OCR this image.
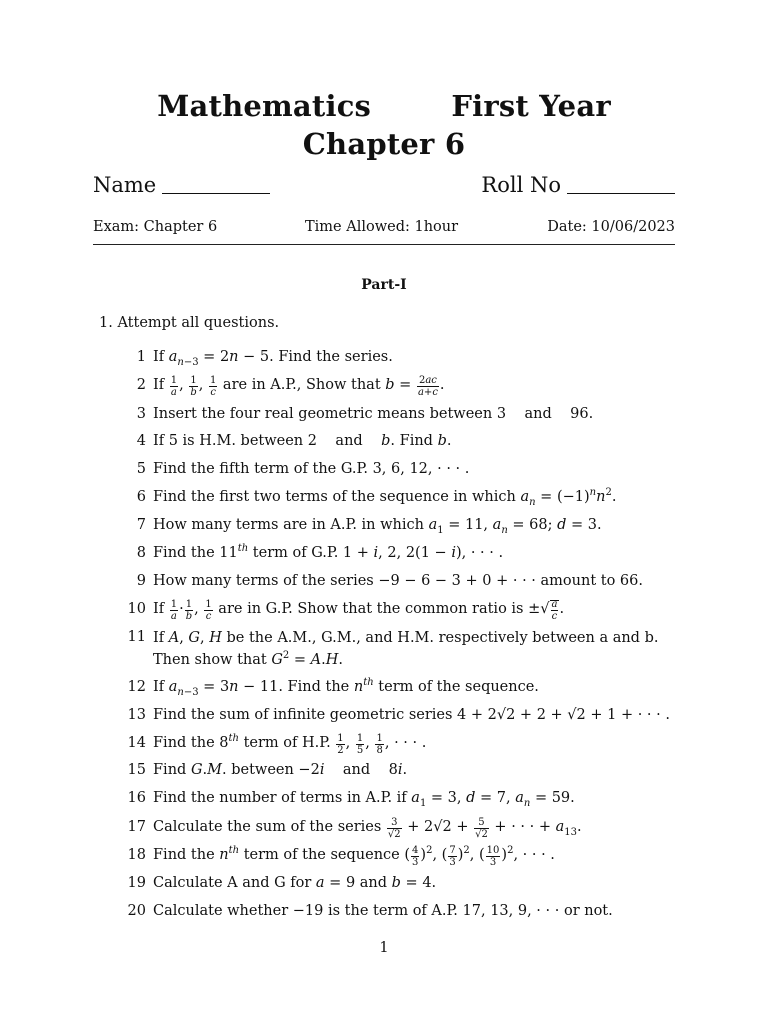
Mathematics	First Year
Chapter 6
Name	Roll No
Exam: Chapter 6	Time Allowed: 1hour	Date: 10/06/2023
Part-I
1. Attempt all questions.
1 If $a_{n-3} = 2n - 5$. Find the series.
2 If $\frac{1}{a}$ , $\frac{1}{b}$ , $\frac{1}{c}$ are in A.P., Show that $b = \frac{2ac}{a+c}$ .
3 Insert the four real geometric means between 3    and    96.
4 If 5 is H.M. between 2    and    b. Find b.
5 Find the fifth term of the G.P. 3, 6, 12, · · · .
6 Find the first two terms of the sequence in which $a_n = (-1)^nn^2$.
7 How many terms are in A.P. in which $a_1 = 11$, $a_n = 68$; d = 3.
8 Find the 11th term of G.P. 1 + i, 2, 2(1 − i), · · · .
9 How many terms of the series −9 − 6 − 3 + 0 + · · · amount to 66.
10 If $\frac{1}{a} \cdot \frac{1}{b}$ , $\frac{1}{c}$ are in G.P. Show that the common ratio is ±√ $\frac{a}{c}$ .
11 If A, G, H be the A.M., G.M., and H.M. respectively between a and b. Then show that $G^2 = A.H$.
12 If $a_{n-3} = 3n - 11$. Find the $n^{th}$ term of the sequence.
13 Find the sum of infinite geometric series 4 + 2√2 + 2 + √2 + 1 + · · · .
14 Find the 8th term of H.P. $\frac{1}{2}$ , $\frac{1}{5}$ , $\frac{1}{8}$ , · · · .
15 Find G.M. between −2i    and    8i.
16 Find the number of terms in A.P. if $a_1 = 3$, d = 7, $a_n = 59$.
17 Calculate the sum of the series $\frac{3}{√2} + 2√2 + \frac{5}{√2}$ + · · · + $a_{13}$.
18 Find the $n^{th}$ term of the sequence ( $\frac{4}{3} )^2$, ( $\frac{7}{3} )^2$, ( $\frac{10}{3} )^2$, · · · .
19 Calculate A and G for a = 9 and b = 4.
20 Calculate whether −19 is the term of A.P. 17, 13, 9, · · · or not.
1
